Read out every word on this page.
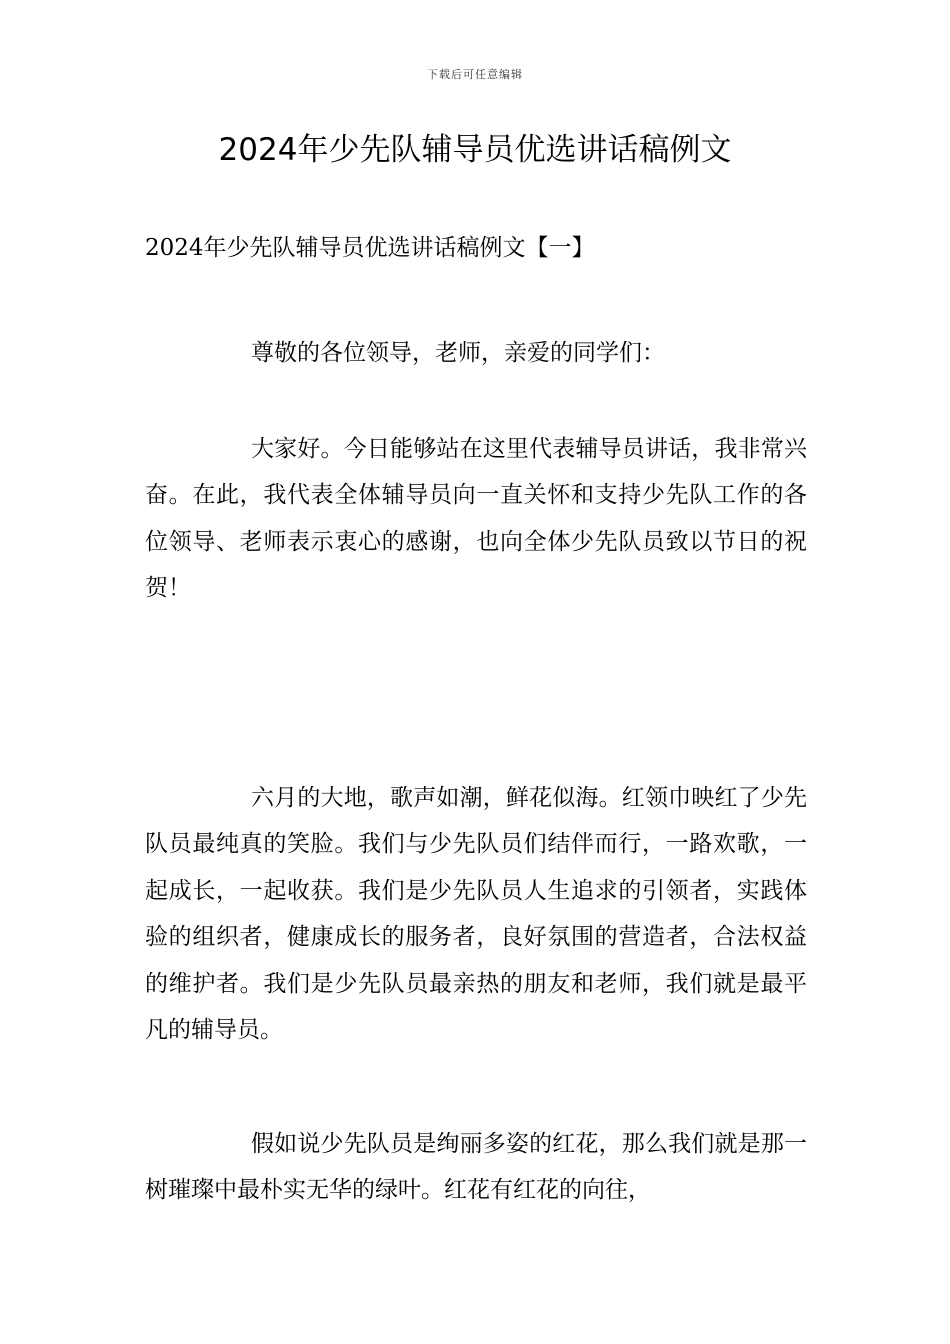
下载后可任意编辑
2024年少先队辅导员优选讲话稿例文

2024年少先队辅导员优选讲话稿例文【一】

尊敬的各位领导，老师，亲爱的同学们：

大家好。今日能够站在这里代表辅导员讲话，我非常兴奋。在此，我代表全体辅导员向一直关怀和支持少先队工作的各位领导、老师表示衷心的感谢，也向全体少先队员致以节日的祝贺！

六月的大地，歌声如潮，鲜花似海。红领巾映红了少先队员最纯真的笑脸。我们与少先队员们结伴而行，一路欢歌，一起成长，一起收获。我们是少先队员人生追求的引领者，实践体验的组织者，健康成长的服务者，良好氛围的营造者，合法权益的维护者。我们是少先队员最亲热的朋友和老师，我们就是最平凡的辅导员。

假如说少先队员是绚丽多姿的红花，那么我们就是那一树璀璨中最朴实无华的绿叶。红花有红花的向往，
